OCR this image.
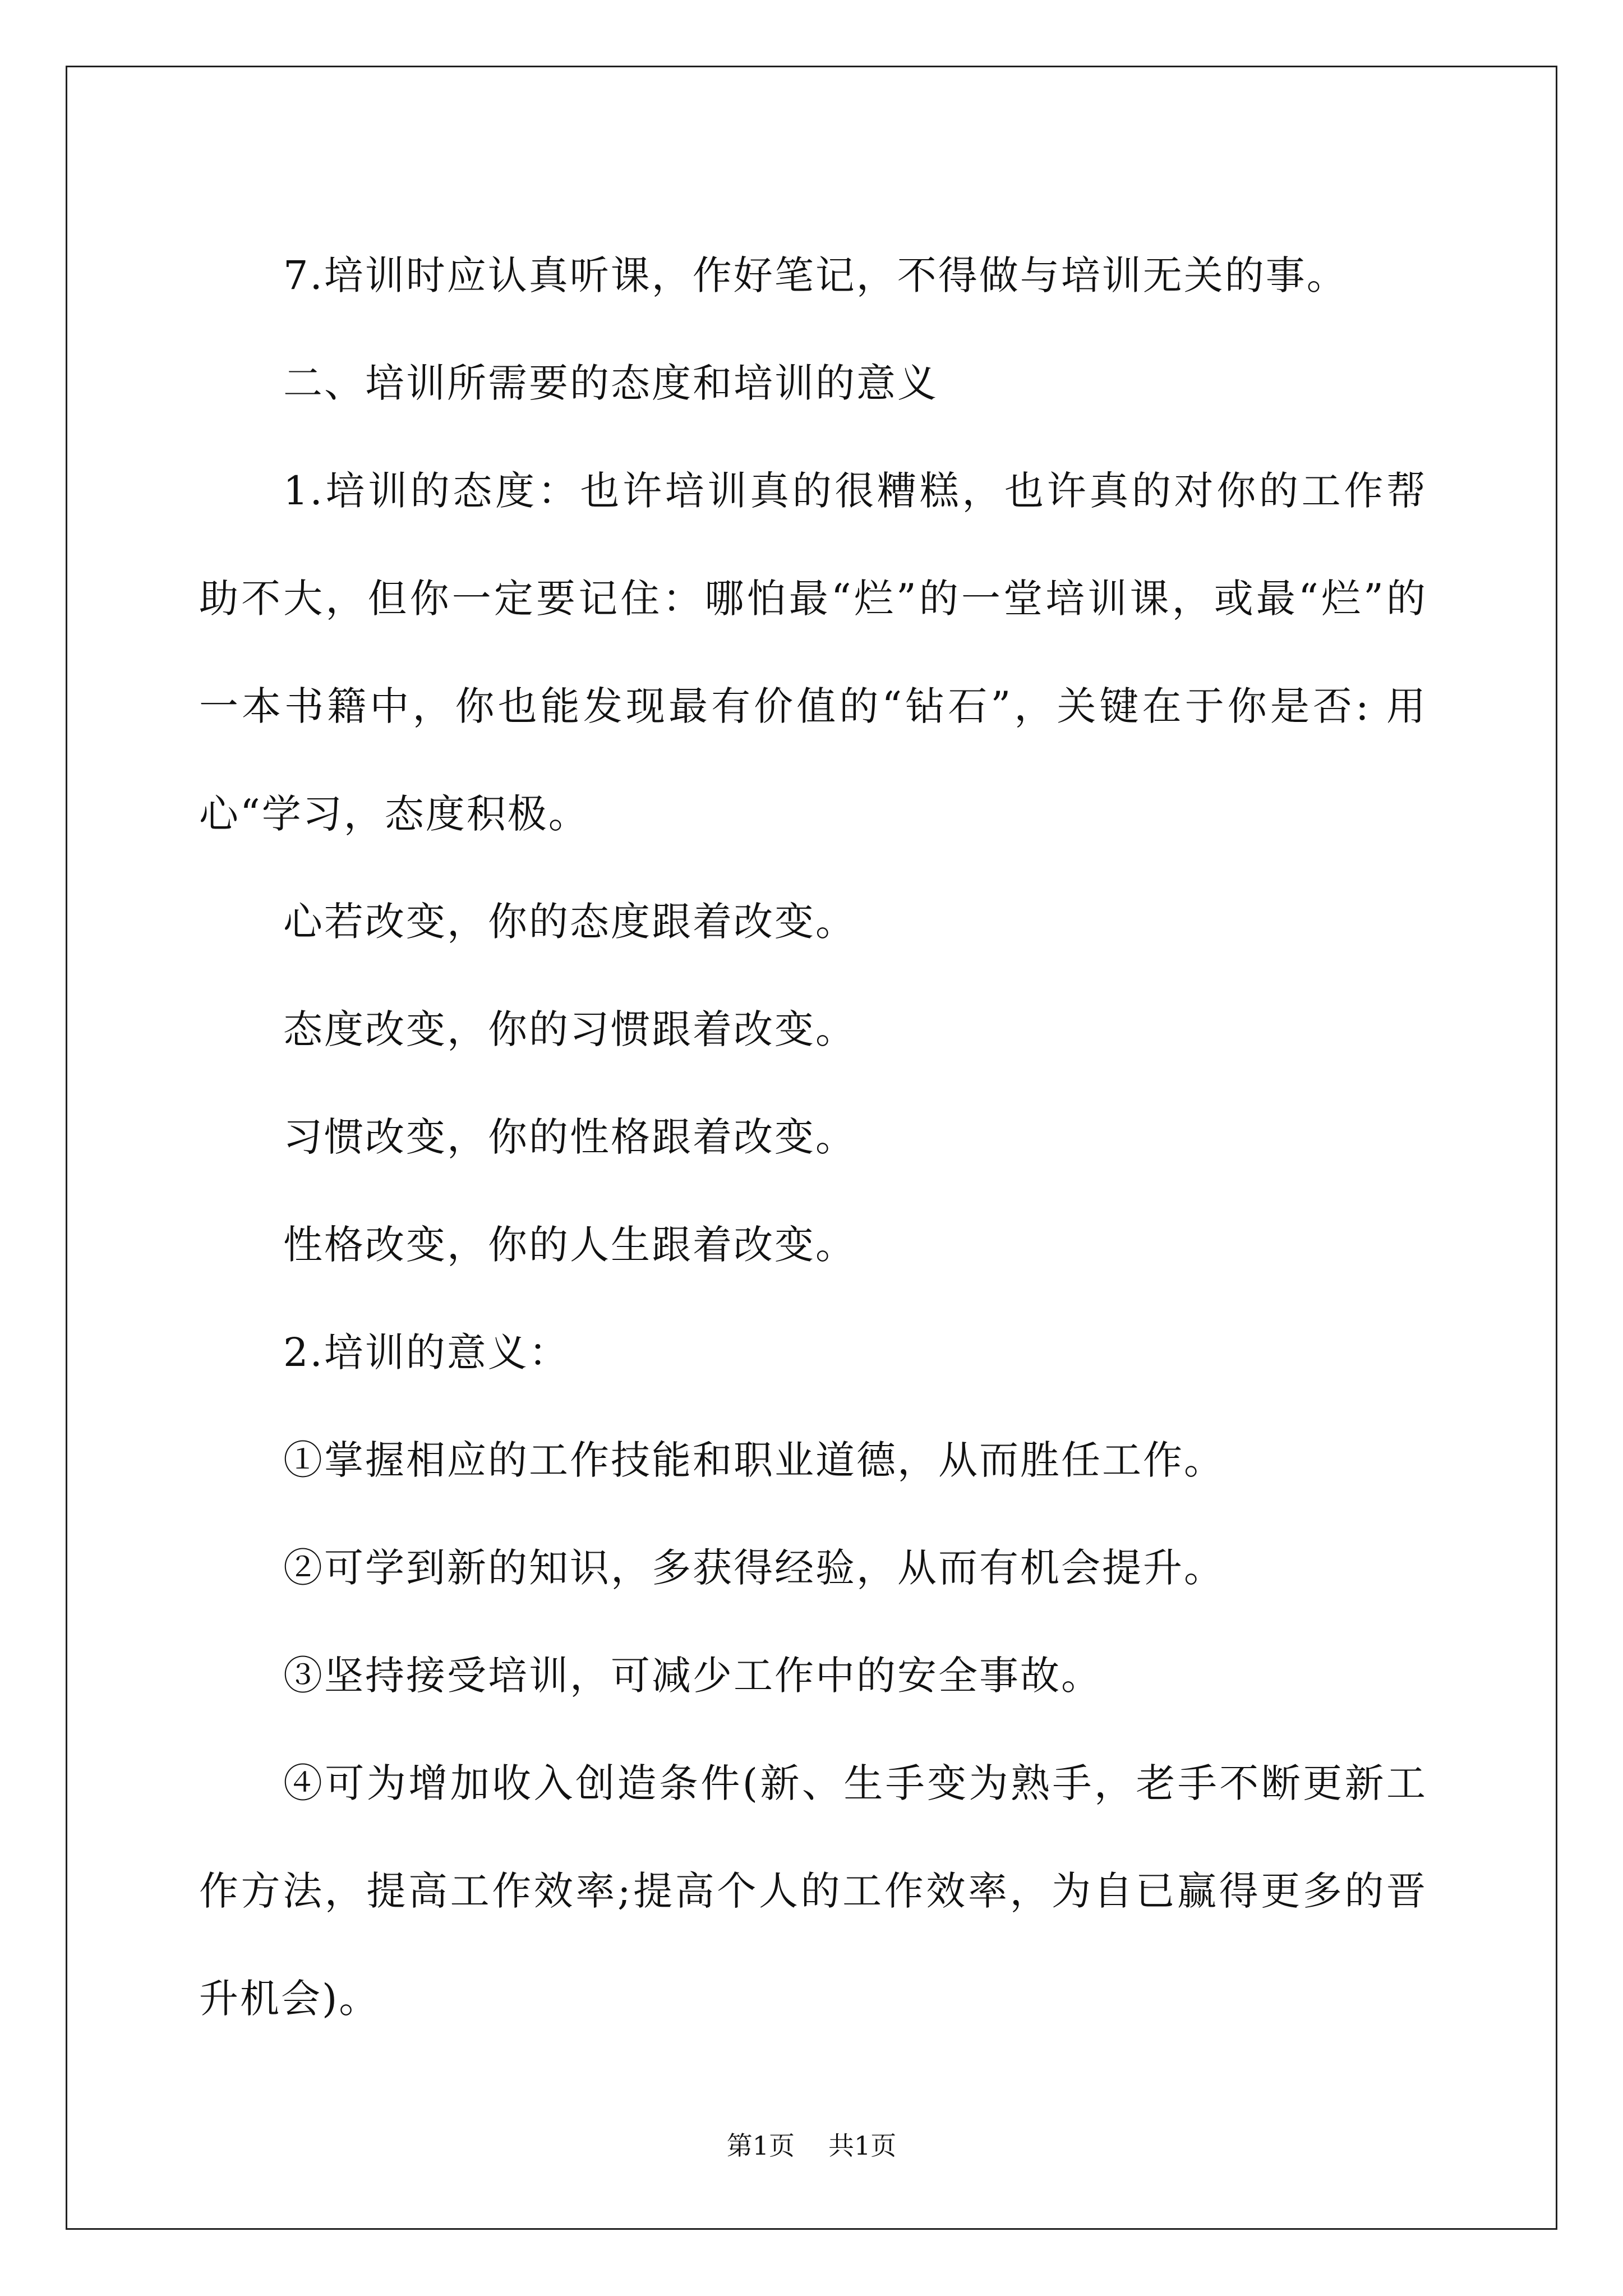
7.培训时应认真听课，作好笔记，不得做与培训无关的事。

二、培训所需要的态度和培训的意义

1.培训的态度：也许培训真的很糟糕，也许真的对你的工作帮助不大，但你一定要记住：哪怕最“烂”的一堂培训课，或最“烂”的一本书籍中，你也能发现最有价值的“钻石”，关键在于你是否: 用心“学习，态度积极。

心若改变，你的态度跟着改变。

态度改变，你的习惯跟着改变。

习惯改变，你的性格跟着改变。

性格改变，你的人生跟着改变。

2.培训的意义：

①掌握相应的工作技能和职业道德，从而胜任工作。

②可学到新的知识，多获得经验，从而有机会提升。

③坚持接受培训，可减少工作中的安全事故。

④可为增加收入创造条件(新、生手变为熟手，老手不断更新工作方法，提高工作效率;提高个人的工作效率，为自已赢得更多的晋升机会)。

第1页 共1页
